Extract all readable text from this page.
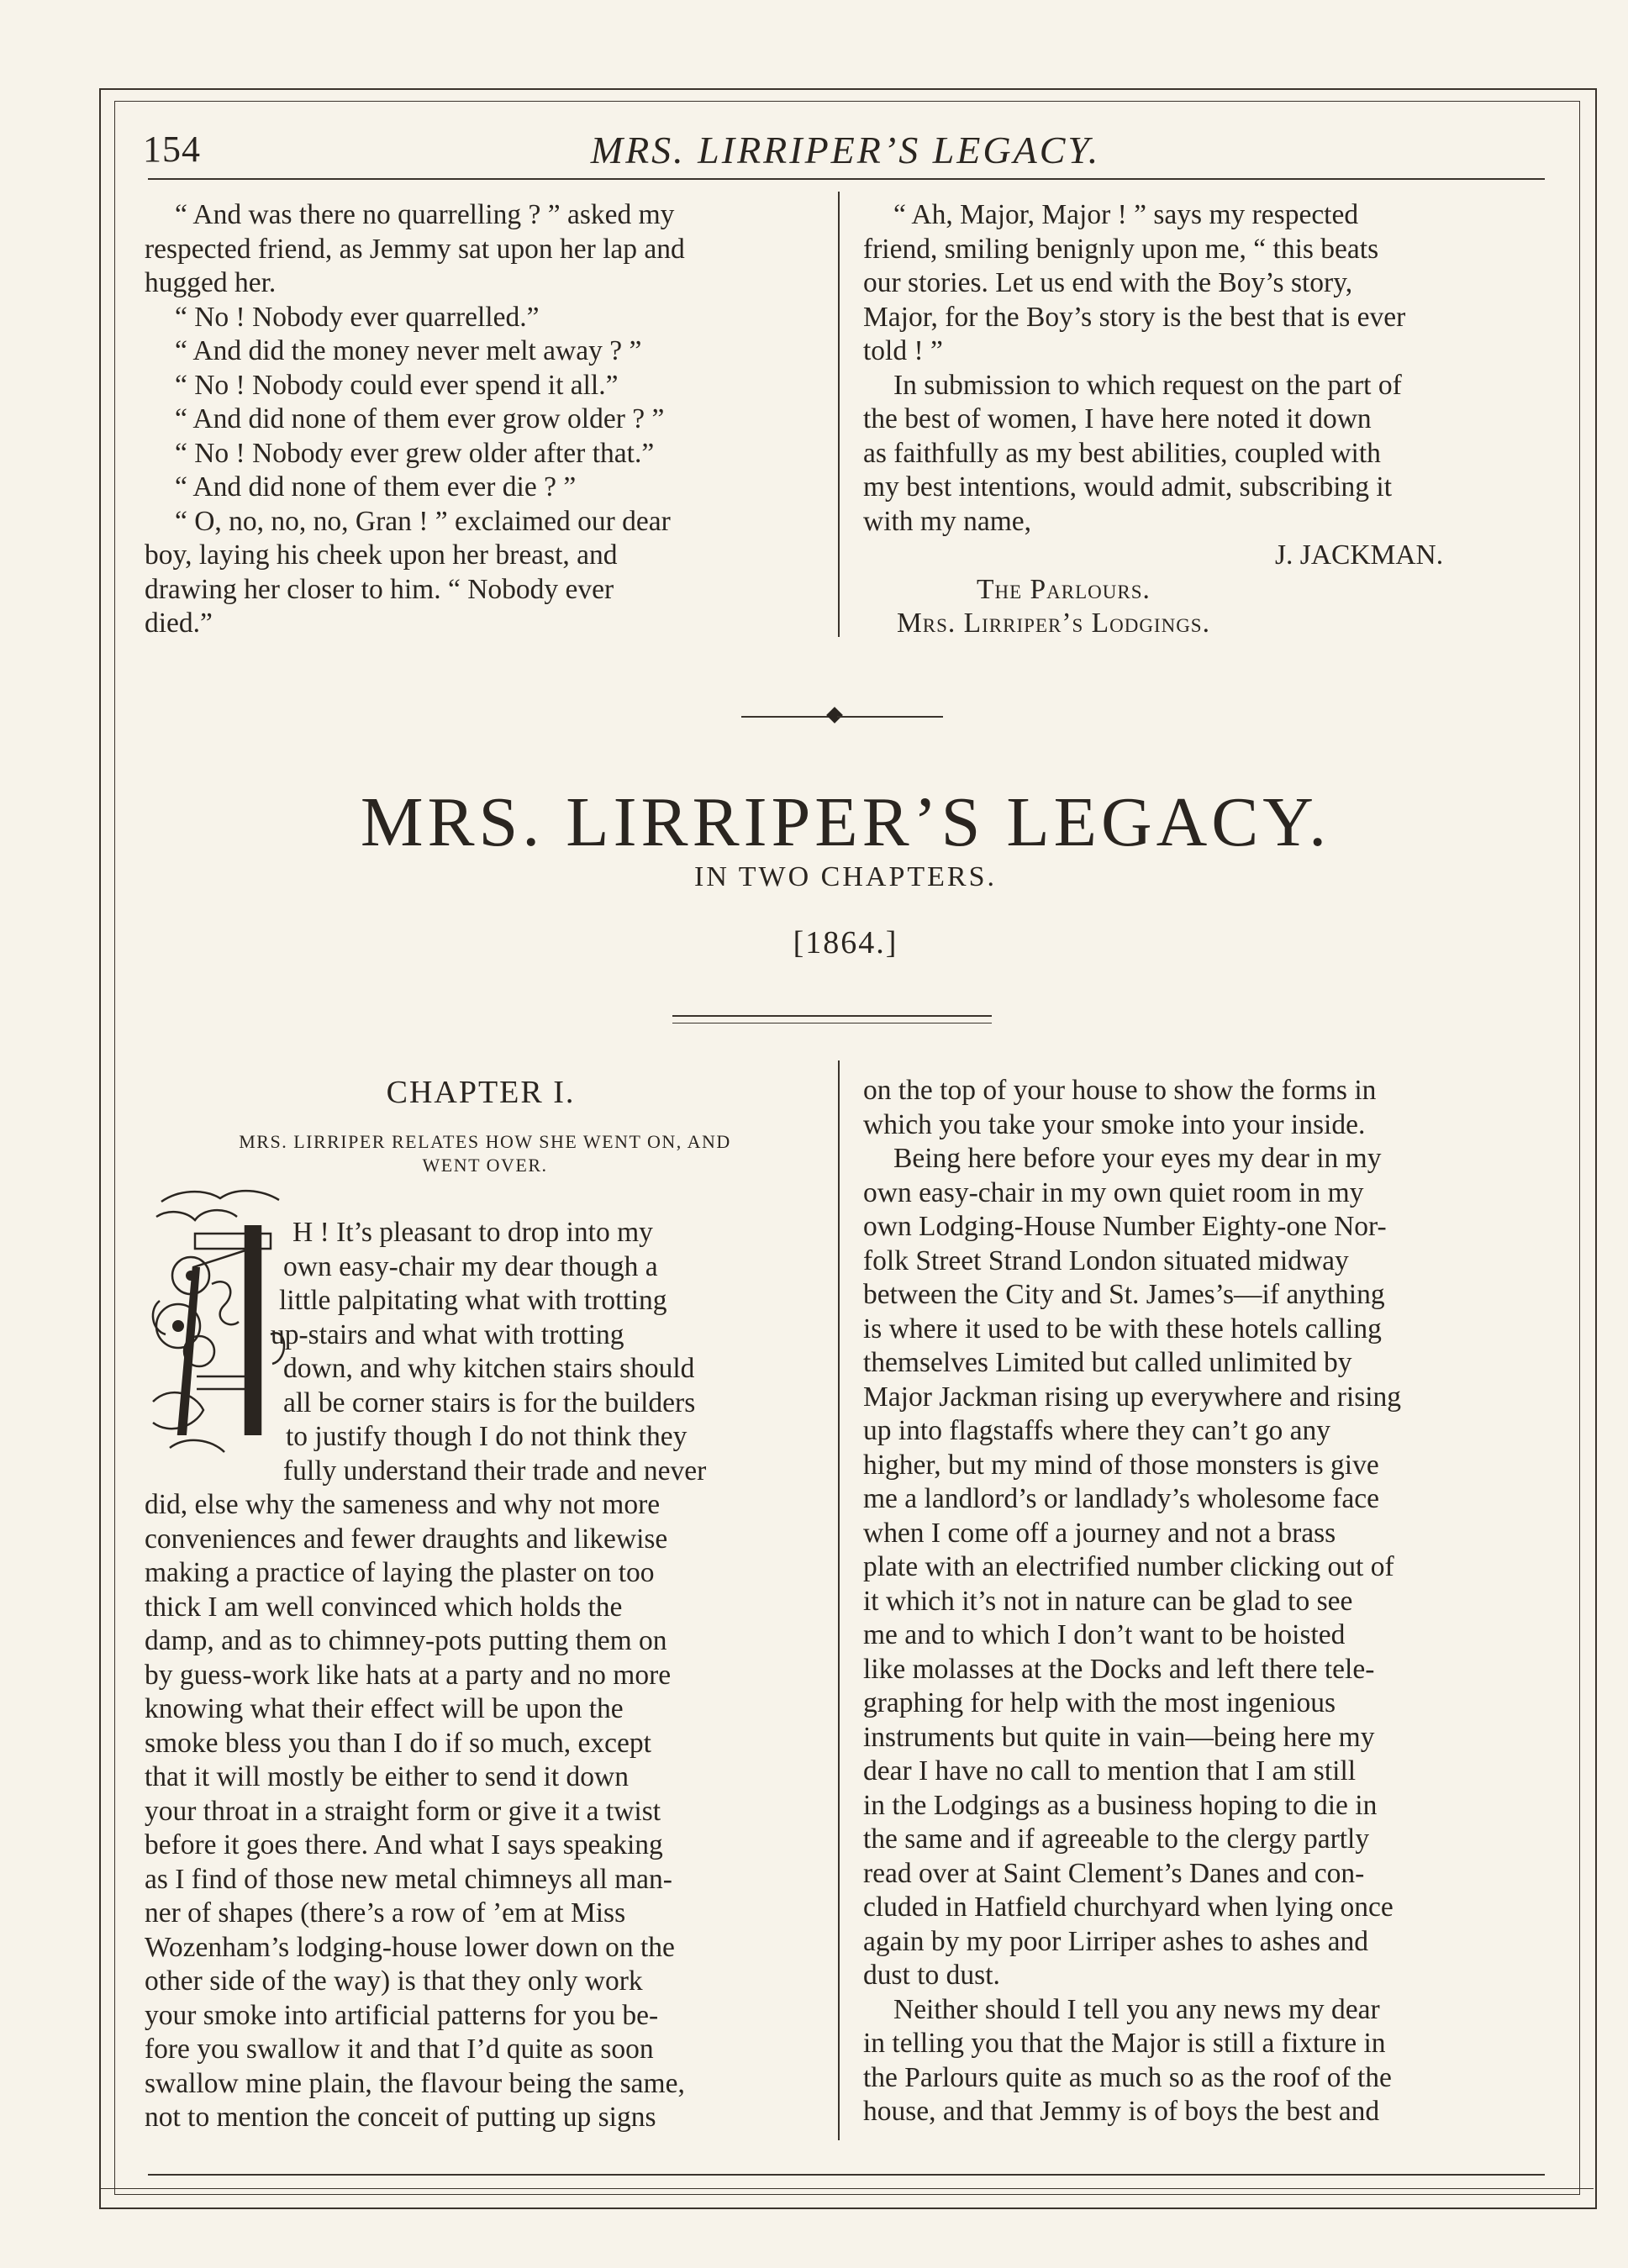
154	MRS. LIRRIPER’S LEGACY.
“ And was there no quarrelling ? ” asked my
respected friend, as Jemmy sat upon her lap and
hugged her.
“ No ! Nobody ever quarrelled.”
“ And did the money never melt away ? ”
“ No ! Nobody could ever spend it all.”
“ And did none of them ever grow older ? ”
“ No ! Nobody ever grew older after that.”
“ And did none of them ever die ? ”
“ O, no, no, no, Gran ! ” exclaimed our dear
boy, laying his cheek upon her breast, and
drawing her closer to him. “ Nobody ever
died.”
“ Ah, Major, Major ! ” says my respected
friend, smiling benignly upon me, “ this beats
our stories. Let us end with the Boy’s story,
Major, for the Boy’s story is the best that is ever
told ! ”
In submission to which request on the part of
the best of women, I have here noted it down
as faithfully as my best abilities, coupled with
my best intentions, would admit, subscribing it
with my name,
J. JACKMAN.
The Parlours.
Mrs. Lirriper’s Lodgings.
MRS. LIRRIPER’S LEGACY.
IN TWO CHAPTERS.
[1864.]
CHAPTER I.
MRS. LIRRIPER RELATES HOW SHE WENT ON, AND
WENT OVER.
H ! It’s pleasant to drop into my
own easy-chair my dear though a
little palpitating what with trotting
up-stairs and what with trotting
down, and why kitchen stairs should
all be corner stairs is for the builders
to justify though I do not think they
fully understand their trade and never
did, else why the sameness and why not more
conveniences and fewer draughts and likewise
making a practice of laying the plaster on too
thick I am well convinced which holds the
damp, and as to chimney-pots putting them on
by guess-work like hats at a party and no more
knowing what their effect will be upon the
smoke bless you than I do if so much, except
that it will mostly be either to send it down
your throat in a straight form or give it a twist
before it goes there. And what I says speaking
as I find of those new metal chimneys all man-
ner of shapes (there’s a row of ’em at Miss
Wozenham’s lodging-house lower down on the
other side of the way) is that they only work
your smoke into artificial patterns for you be-
fore you swallow it and that I’d quite as soon
swallow mine plain, the flavour being the same,
not to mention the conceit of putting up signs
on the top of your house to show the forms in
which you take your smoke into your inside.
Being here before your eyes my dear in my
own easy-chair in my own quiet room in my
own Lodging-House Number Eighty-one Nor-
folk Street Strand London situated midway
between the City and St. James’s—if anything
is where it used to be with these hotels calling
themselves Limited but called unlimited by
Major Jackman rising up everywhere and rising
up into flagstaffs where they can’t go any
higher, but my mind of those monsters is give
me a landlord’s or landlady’s wholesome face
when I come off a journey and not a brass
plate with an electrified number clicking out of
it which it’s not in nature can be glad to see
me and to which I don’t want to be hoisted
like molasses at the Docks and left there tele-
graphing for help with the most ingenious
instruments but quite in vain—being here my
dear I have no call to mention that I am still
in the Lodgings as a business hoping to die in
the same and if agreeable to the clergy partly
read over at Saint Clement’s Danes and con-
cluded in Hatfield churchyard when lying once
again by my poor Lirriper ashes to ashes and
dust to dust.
Neither should I tell you any news my dear
in telling you that the Major is still a fixture in
the Parlours quite as much so as the roof of the
house, and that Jemmy is of boys the best and
